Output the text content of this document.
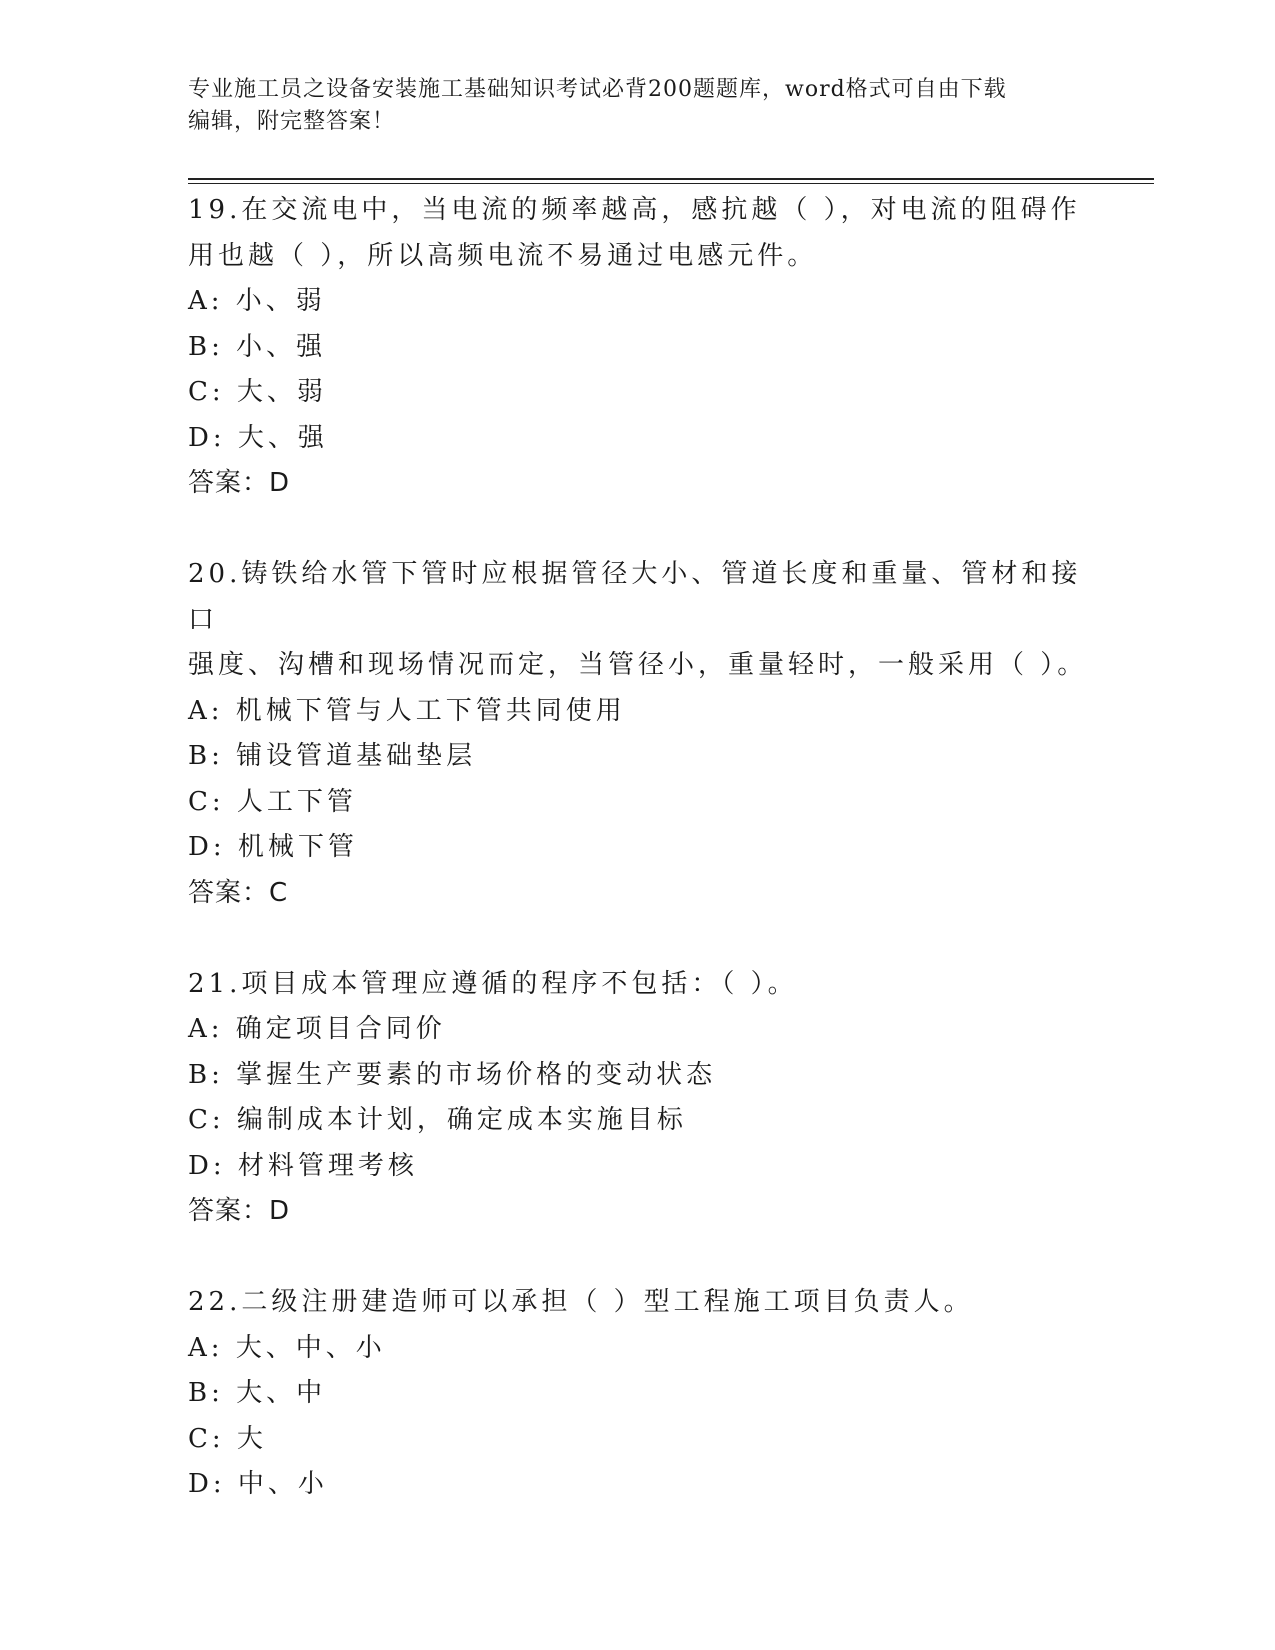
专业施工员之设备安装施工基础知识考试必背200题题库，word格式可自由下载
编辑，附完整答案！
19.在交流电中，当电流的频率越高，感抗越（ ），对电流的阻碍作
用也越（ ），所以高频电流不易通过电感元件。
A: 小、弱
B: 小、强
C: 大、弱
D: 大、强
答案：D
20.铸铁给水管下管时应根据管径大小、管道长度和重量、管材和接口
强度、沟槽和现场情况而定，当管径小，重量轻时，一般采用（ ）。
A: 机械下管与人工下管共同使用
B: 铺设管道基础垫层
C: 人工下管
D: 机械下管
答案：C
21.项目成本管理应遵循的程序不包括：（ ）。
A: 确定项目合同价
B: 掌握生产要素的市场价格的变动状态
C: 编制成本计划，确定成本实施目标
D: 材料管理考核
答案：D
22.二级注册建造师可以承担（ ）型工程施工项目负责人。
A: 大、中、小
B: 大、中
C: 大
D: 中、小
